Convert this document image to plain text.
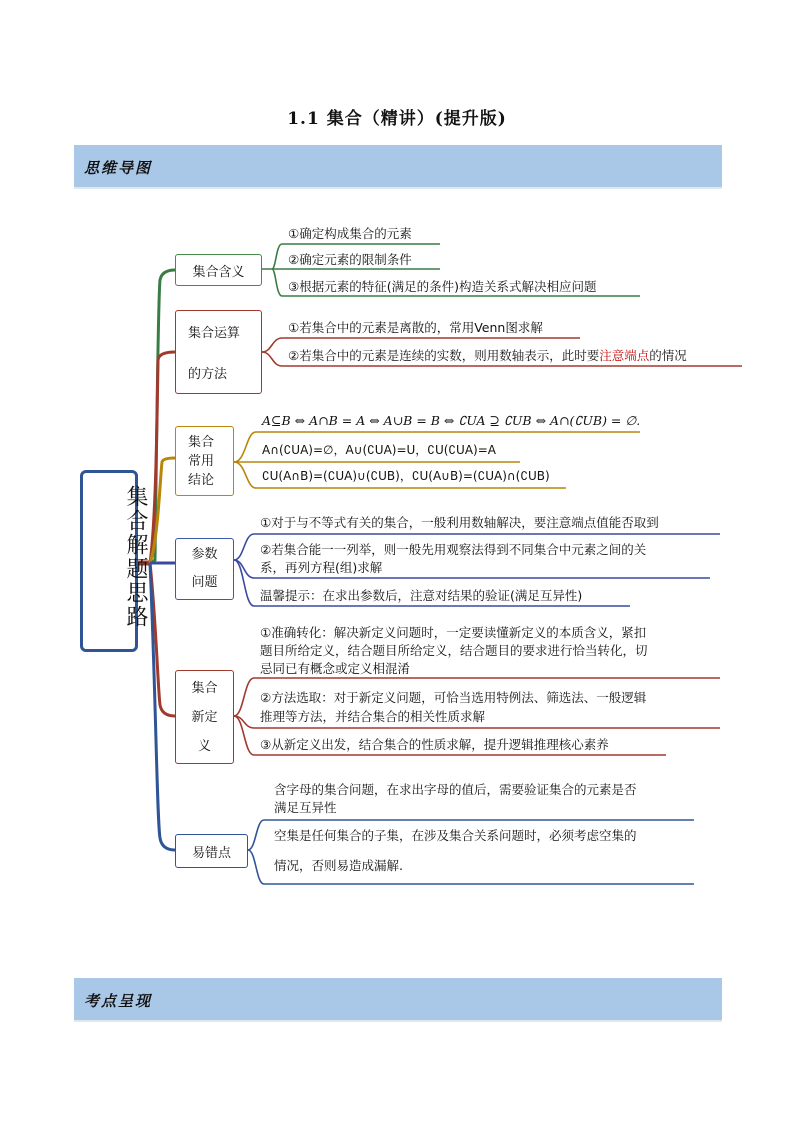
1.1 集合（精讲）(提升版)
思维导图
集合解题思路
集合含义
集合运算
的方法
集合
常用
结论
参数
问题
集合
新定
义
易错点
①确定构成集合的元素
②确定元素的限制条件
③根据元素的特征(满足的条件)构造关系式解决相应问题
①若集合中的元素是离散的，常用Venn图求解
②若集合中的元素是连续的实数，则用数轴表示，此时要注意端点的情况
A⊆B ⇔ A∩B = A ⇔ A∪B = B ⇔ ∁UA ⊇ ∁UB ⇔ A∩(∁UB) = ∅.
A∩(∁UA)=∅，A∪(∁UA)=U，∁U(∁UA)=A
∁U(A∩B)=(∁UA)∪(∁UB)，∁U(A∪B)=(∁UA)∩(∁UB)
①对于与不等式有关的集合，一般利用数轴解决，要注意端点值能否取到
②若集合能一一列举，则一般先用观察法得到不同集合中元素之间的关
系，再列方程(组)求解
温馨提示：在求出参数后，注意对结果的验证(满足互异性)
①准确转化：解决新定义问题时，一定要读懂新定义的本质含义，紧扣
题目所给定义，结合题目所给定义，结合题目的要求进行恰当转化，切
忌同已有概念或定义相混淆
②方法选取：对于新定义问题，可恰当选用特例法、筛选法、一般逻辑
推理等方法，并结合集合的相关性质求解
③从新定义出发，结合集合的性质求解，提升逻辑推理核心素养
含字母的集合问题，在求出字母的值后，需要验证集合的元素是否
满足互异性
空集是任何集合的子集，在涉及集合关系问题时，必须考虑空集的
情况，否则易造成漏解.
考点呈现
